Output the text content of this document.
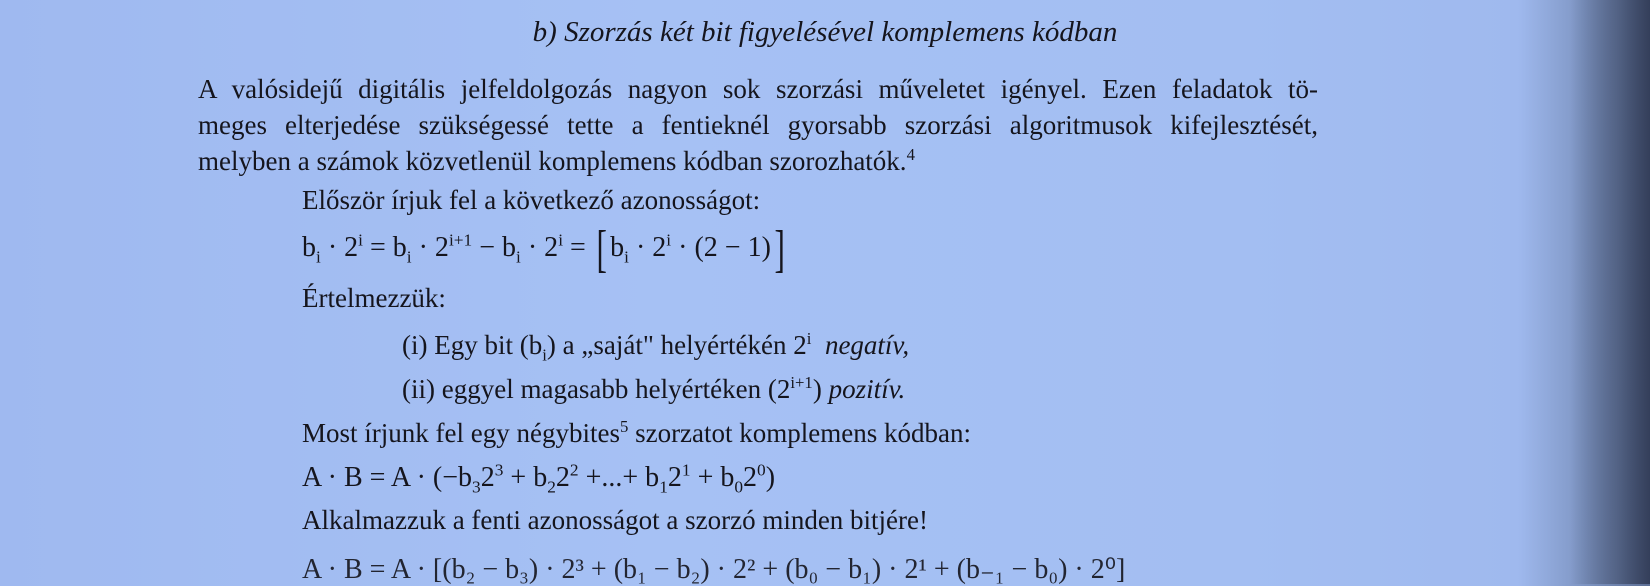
b) Szorzás két bit figyelésével komplemens kódban
A valósidejű digitális jelfeldolgozás nagyon sok szorzási műveletet igényel. Ezen feladatok tö-
meges elterjedése szükségessé tette a fentieknél gyorsabb szorzási algoritmusok kifejlesztését,
melyben a számok közvetlenül komplemens kódban szorozhatók.$^4$
Először írjuk fel a következő azonosságot:
$b_i \cdot 2^i = b_i \cdot 2^{i+1} - b_i \cdot 2^i$ = [ $b_i \cdot 2^i \cdot (2 - 1)$]
Értelmezzük:
(i) Egy bit $(b_i)$ a „saját" helyértékén 2$^i$ negatív,
(ii) eggyel magasabb helyértéken $(2^{i+1})$ pozitív.
Most írjunk fel egy négybites$^5$ szorzatot komplemens kódban:
$A \cdot B = A \cdot (-b_32^3 + b_22^2$ +...+ $b_12^1 + b_02^0$)
Alkalmazzuk a fenti azonosságot a szorzó minden bitjére!
A · B = A · [(b₂ − b₃) · 2³ + (b₁ − b₂) · 2² + (b₀ − b₁) · 2¹ + (b₋₁ − b₀) · 2⁰]
